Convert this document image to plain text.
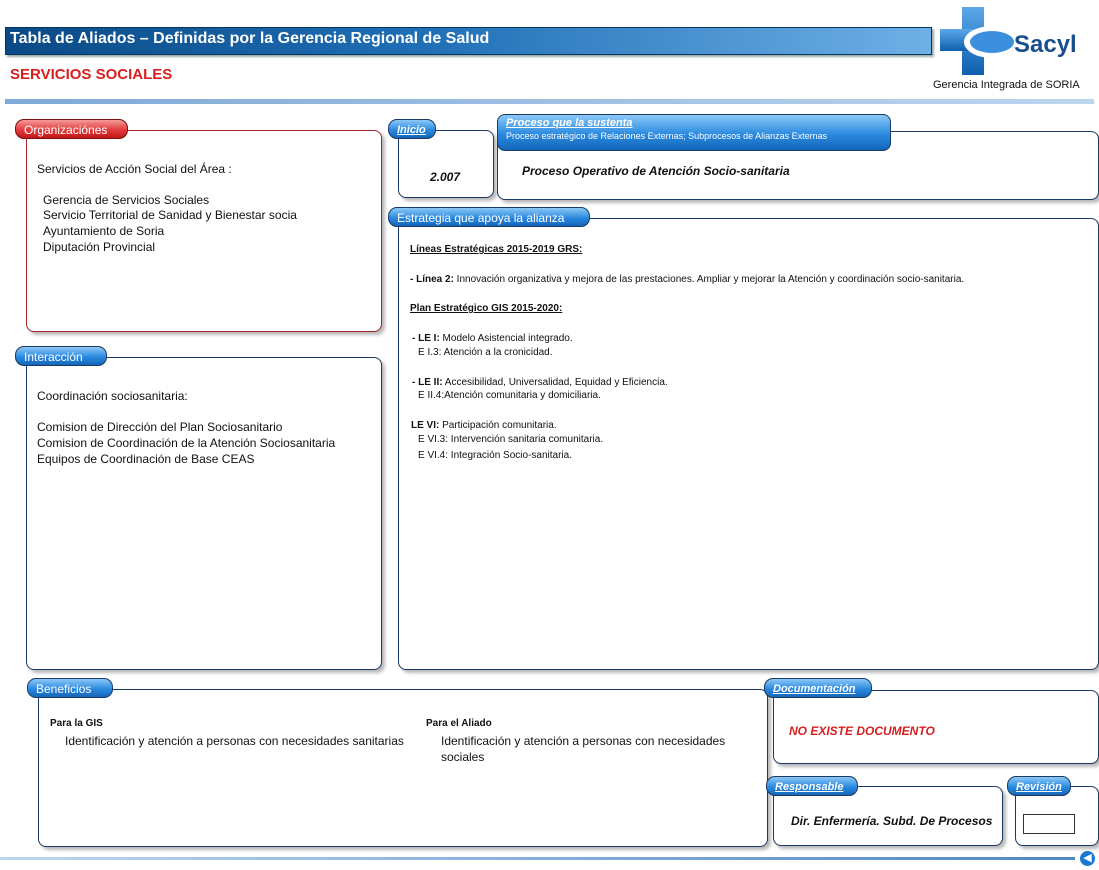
Tabla de Aliados – Definidas por la Gerencia Regional de Salud
SERVICIOS SOCIALES
Sacyl
Gerencia Integrada de SORIA
Organizaciónes
Servicios de Acción Social del Área :
Gerencia de Servicios Sociales
Servicio Territorial de Sanidad y Bienestar socia
Ayuntamiento de Soria
Diputación Provincial
Inicio
2.007
Proceso que la sustenta
Proceso estratégico de Relaciones Externas; Subprocesos de Alianzas Externas
Proceso Operativo de Atención Socio-sanitaria
Estrategia que apoya la alianza
Líneas Estratégicas 2015-2019 GRS:
- Línea 2: Innovación organizativa y mejora de las prestaciones. Ampliar y mejorar la Atención y coordinación socio-sanitaria.
Plan Estratégico GIS 2015-2020:
- LE I: Modelo Asistencial integrado.
E I.3: Atención a la cronicidad.
- LE II: Accesibilidad, Universalidad, Equidad y Eficiencia.
E II.4:Atención comunitaria y domiciliaria.
LE VI: Participación comunitaria.
E VI.3: Intervención sanitaria comunitaria.
E VI.4: Integración Socio-sanitaria.
Interacción
Coordinación sociosanitaria:
Comision de Dirección del Plan Sociosanitario
Comision de Coordinación de la Atención Sociosanitaria
Equipos de Coordinación de Base CEAS
Beneficios
Para la GIS
Identificación y atención a personas con necesidades sanitarias
Para el Aliado
Identificación y atención a personas con necesidades
sociales
Documentación
NO EXISTE DOCUMENTO
Responsable
Dir. Enfermería. Subd. De Procesos
Revisión
◀
